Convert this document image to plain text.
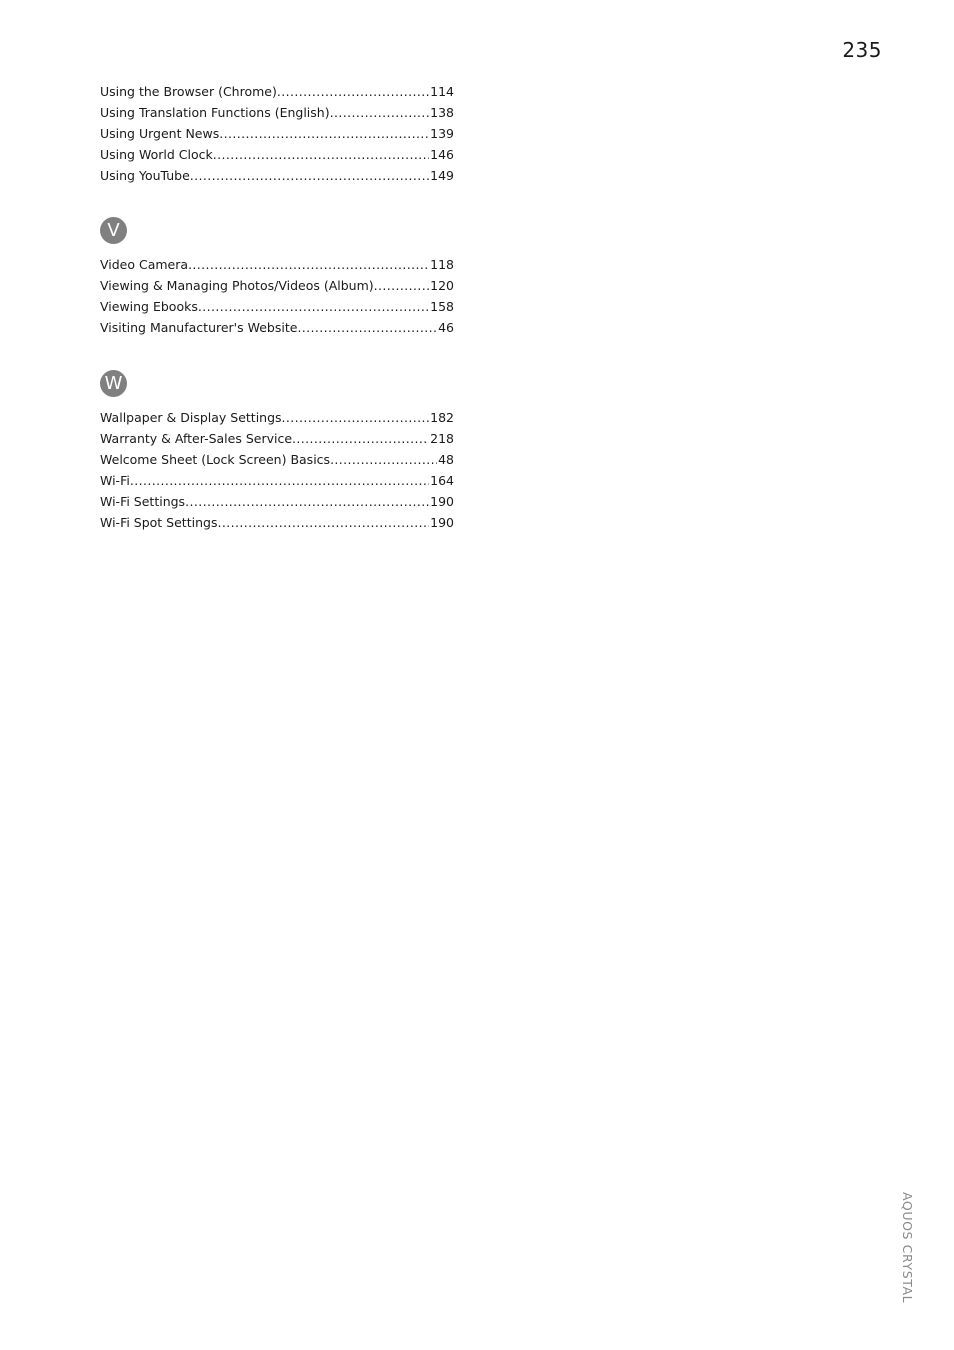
235
Using the Browser (Chrome) .....	114
Using Translation Functions (English) .....	138
Using Urgent News .....	139
Using World Clock .....	146
Using YouTube .....	149
V
Video Camera .....	118
Viewing & Managing Photos/Videos (Album) .....	120
Viewing Ebooks .....	158
Visiting Manufacturer's Website .....	46
W
Wallpaper & Display Settings .....	182
Warranty & After-Sales Service .....	218
Welcome Sheet (Lock Screen) Basics .....	48
Wi-Fi .....	164
Wi-Fi Settings .....	190
Wi-Fi Spot Settings .....	190
AQUOS CRYSTAL
